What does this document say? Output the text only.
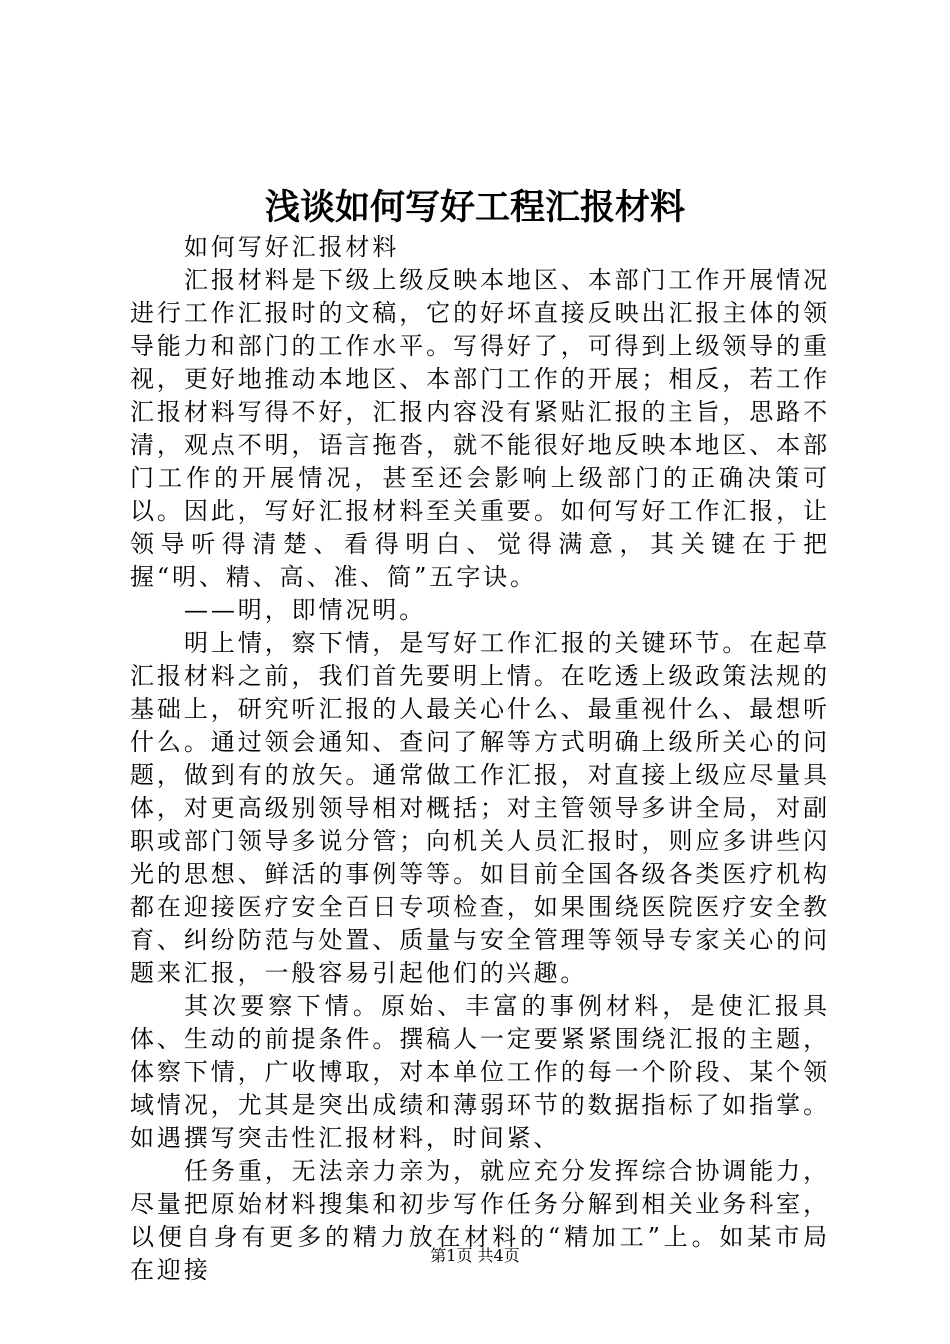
浅谈如何写好工程汇报材料

如何写好汇报材料

汇报材料是下级上级反映本地区、本部门工作开展情况进行工作汇报时的文稿，它的好坏直接反映出汇报主体的领导能力和部门的工作水平。写得好了，可得到上级领导的重视，更好地推动本地区、本部门工作的开展；相反，若工作汇报材料写得不好，汇报内容没有紧贴汇报的主旨，思路不清，观点不明，语言拖沓，就不能很好地反映本地区、本部门工作的开展情况，甚至还会影响上级部门的正确决策可以。因此，写好汇报材料至关重要。如何写好工作汇报，让领导听得清楚、看得明白、觉得满意，其关键在于把握“明、精、高、准、简”五字诀。

——明，即情况明。

明上情，察下情，是写好工作汇报的关键环节。在起草汇报材料之前，我们首先要明上情。在吃透上级政策法规的基础上，研究听汇报的人最关心什么、最重视什么、最想听什么。通过领会通知、查问了解等方式明确上级所关心的问题，做到有的放矢。通常做工作汇报，对直接上级应尽量具体，对更高级别领导相对概括；对主管领导多讲全局，对副职或部门领导多说分管；向机关人员汇报时，则应多讲些闪光的思想、鲜活的事例等等。如目前全国各级各类医疗机构都在迎接医疗安全百日专项检查，如果围绕医院医疗安全教育、纠纷防范与处置、质量与安全管理等领导专家关心的问题来汇报，一般容易引起他们的兴趣。

其次要察下情。原始、丰富的事例材料，是使汇报具体、生动的前提条件。撰稿人一定要紧紧围绕汇报的主题，体察下情，广收博取，对本单位工作的每一个阶段、某个领域情况，尤其是突出成绩和薄弱环节的数据指标了如指掌。如遇撰写突击性汇报材料，时间紧、

任务重，无法亲力亲为，就应充分发挥综合协调能力，尽量把原始材料搜集和初步写作任务分解到相关业务科室，以便自身有更多的精力放在材料的“精加工”上。如某市局在迎接

第1页 共4页
